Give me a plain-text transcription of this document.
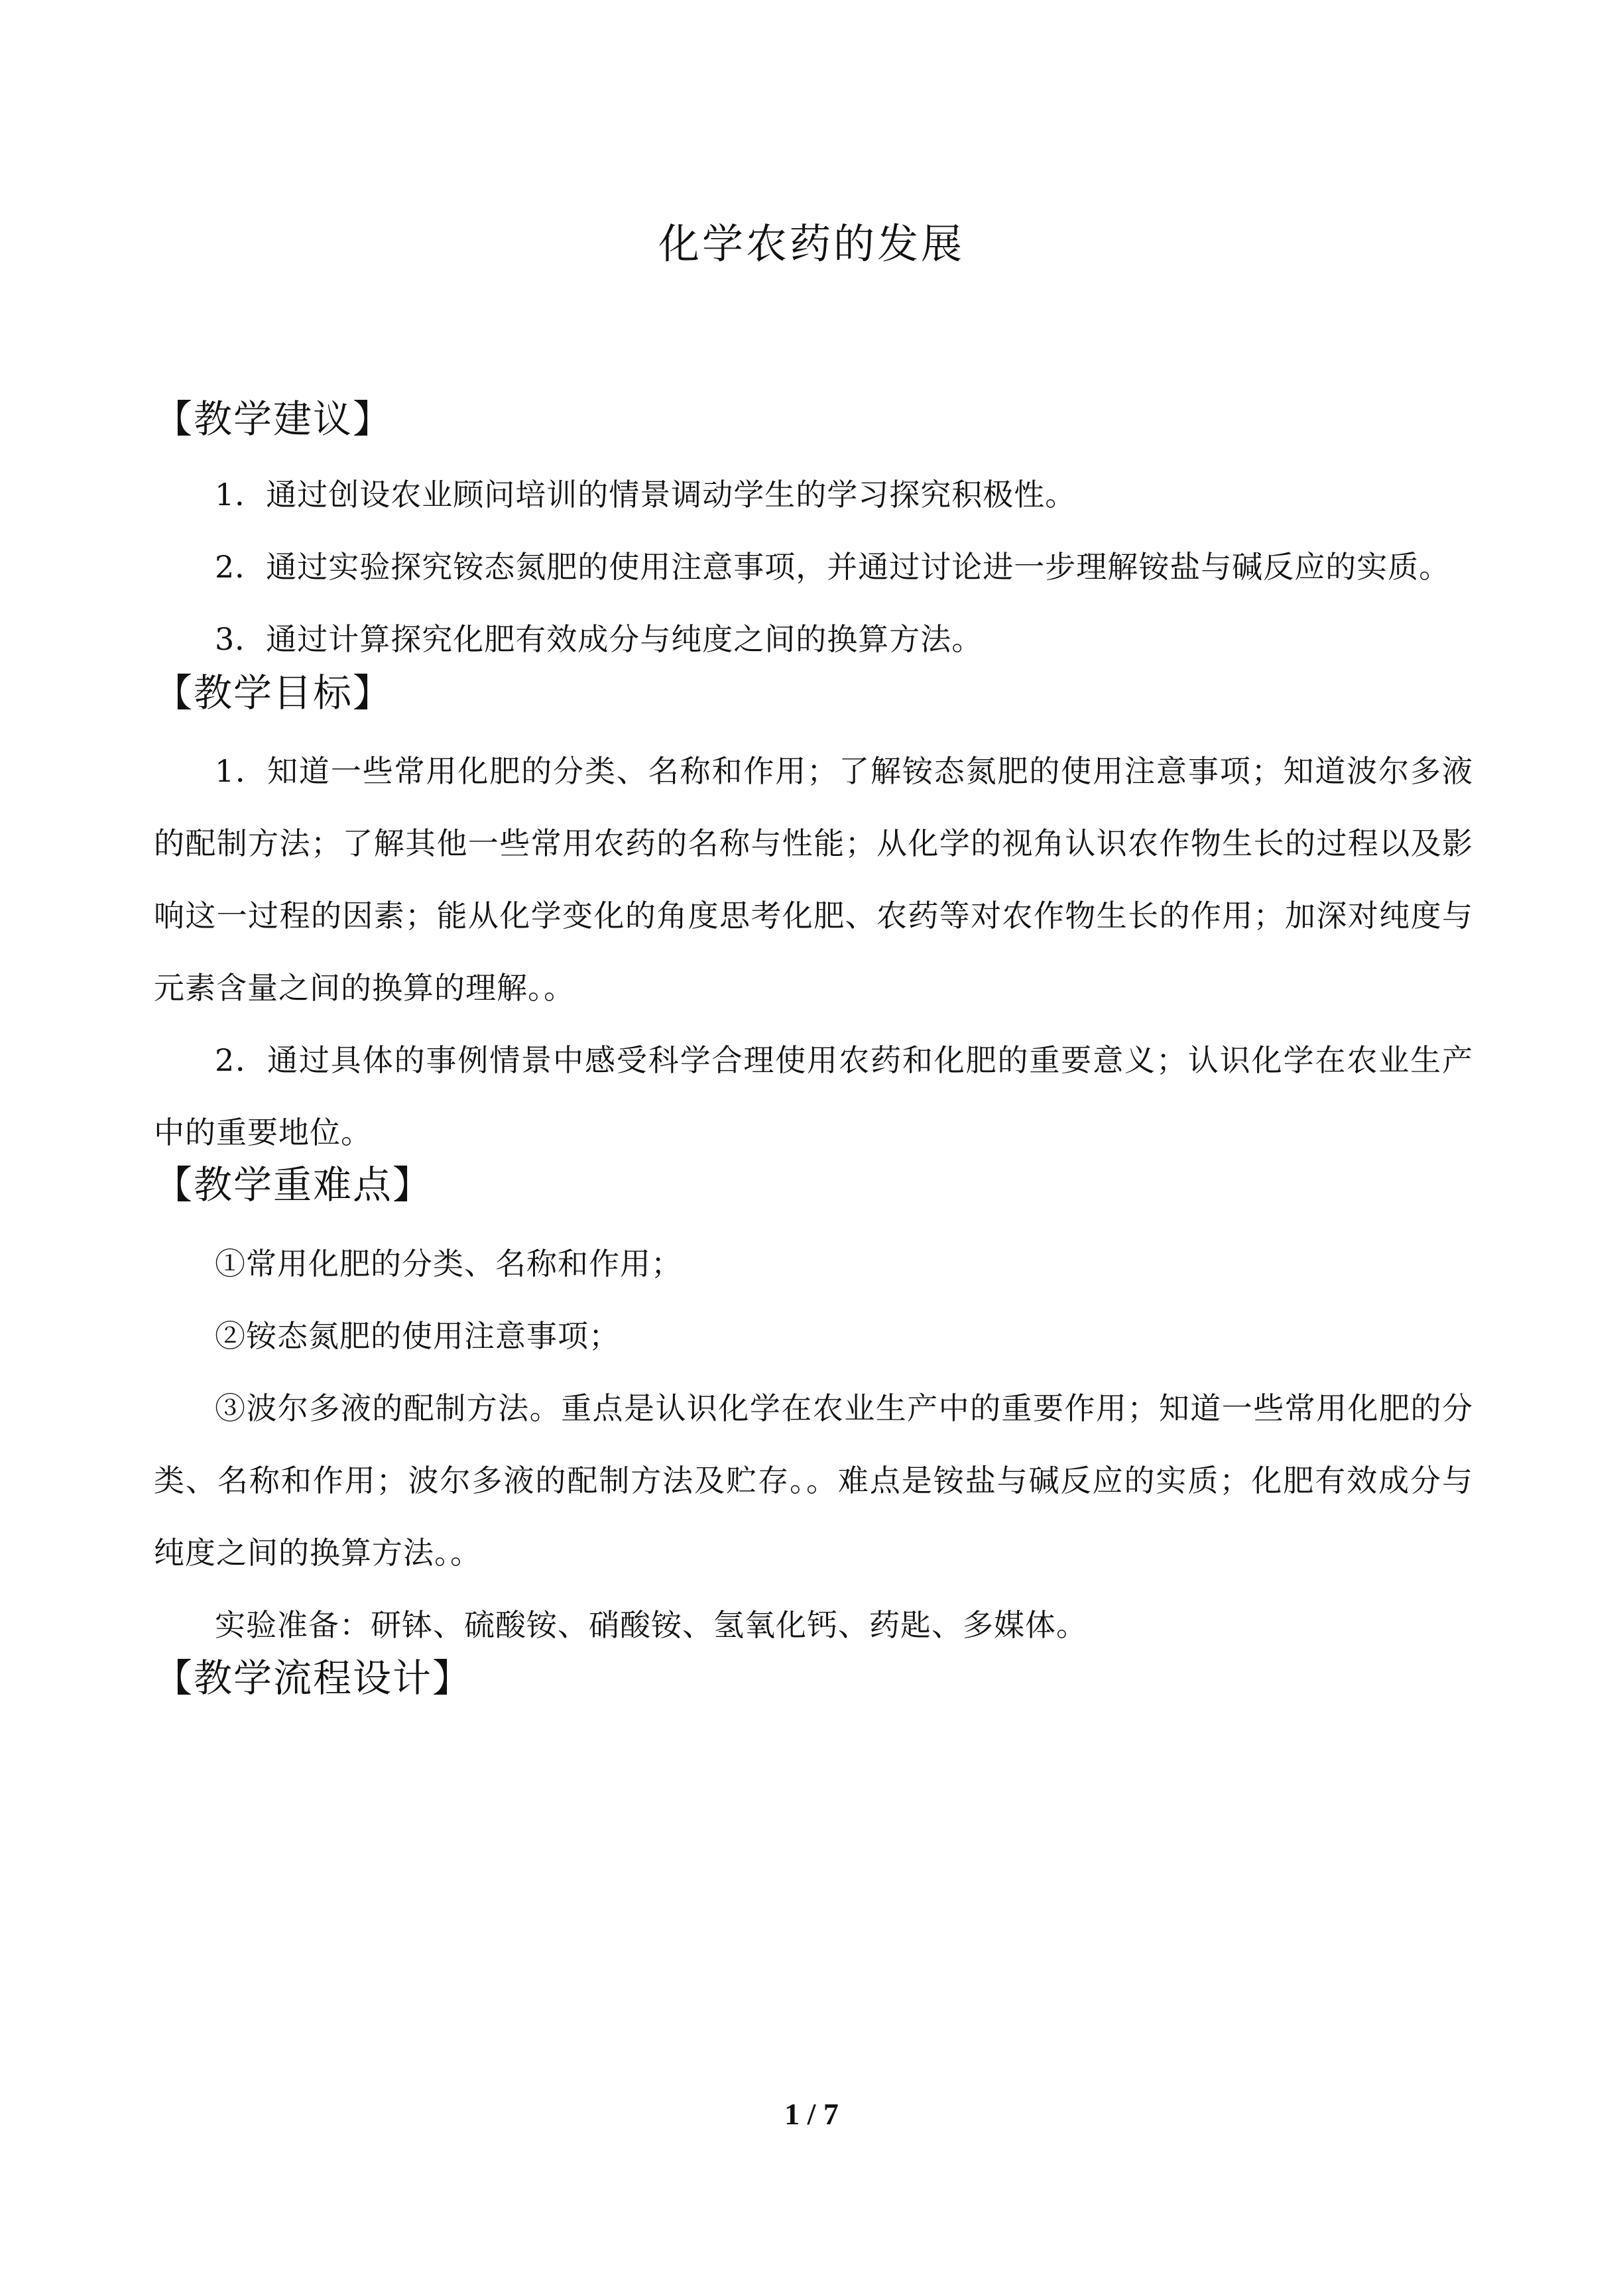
化学农药的发展
【教学建议】

1．通过创设农业顾问培训的情景调动学生的学习探究积极性。

2．通过实验探究铵态氮肥的使用注意事项，并通过讨论进一步理解铵盐与碱反应的实质。

3．通过计算探究化肥有效成分与纯度之间的换算方法。

【教学目标】

1．知道一些常用化肥的分类、名称和作用；了解铵态氮肥的使用注意事项；知道波尔多液的配制方法；了解其他一些常用农药的名称与性能；从化学的视角认识农作物生长的过程以及影响这一过程的因素；能从化学变化的角度思考化肥、农药等对农作物生长的作用；加深对纯度与元素含量之间的换算的理解。。

2．通过具体的事例情景中感受科学合理使用农药和化肥的重要意义；认识化学在农业生产中的重要地位。

【教学重难点】

①常用化肥的分类、名称和作用；

②铵态氮肥的使用注意事项；

③波尔多液的配制方法。重点是认识化学在农业生产中的重要作用；知道一些常用化肥的分类、名称和作用；波尔多液的配制方法及贮存。。难点是铵盐与碱反应的实质；化肥有效成分与纯度之间的换算方法。。

实验准备：研钵、硫酸铵、硝酸铵、氢氧化钙、药匙、多媒体。

【教学流程设计】
1 / 7
